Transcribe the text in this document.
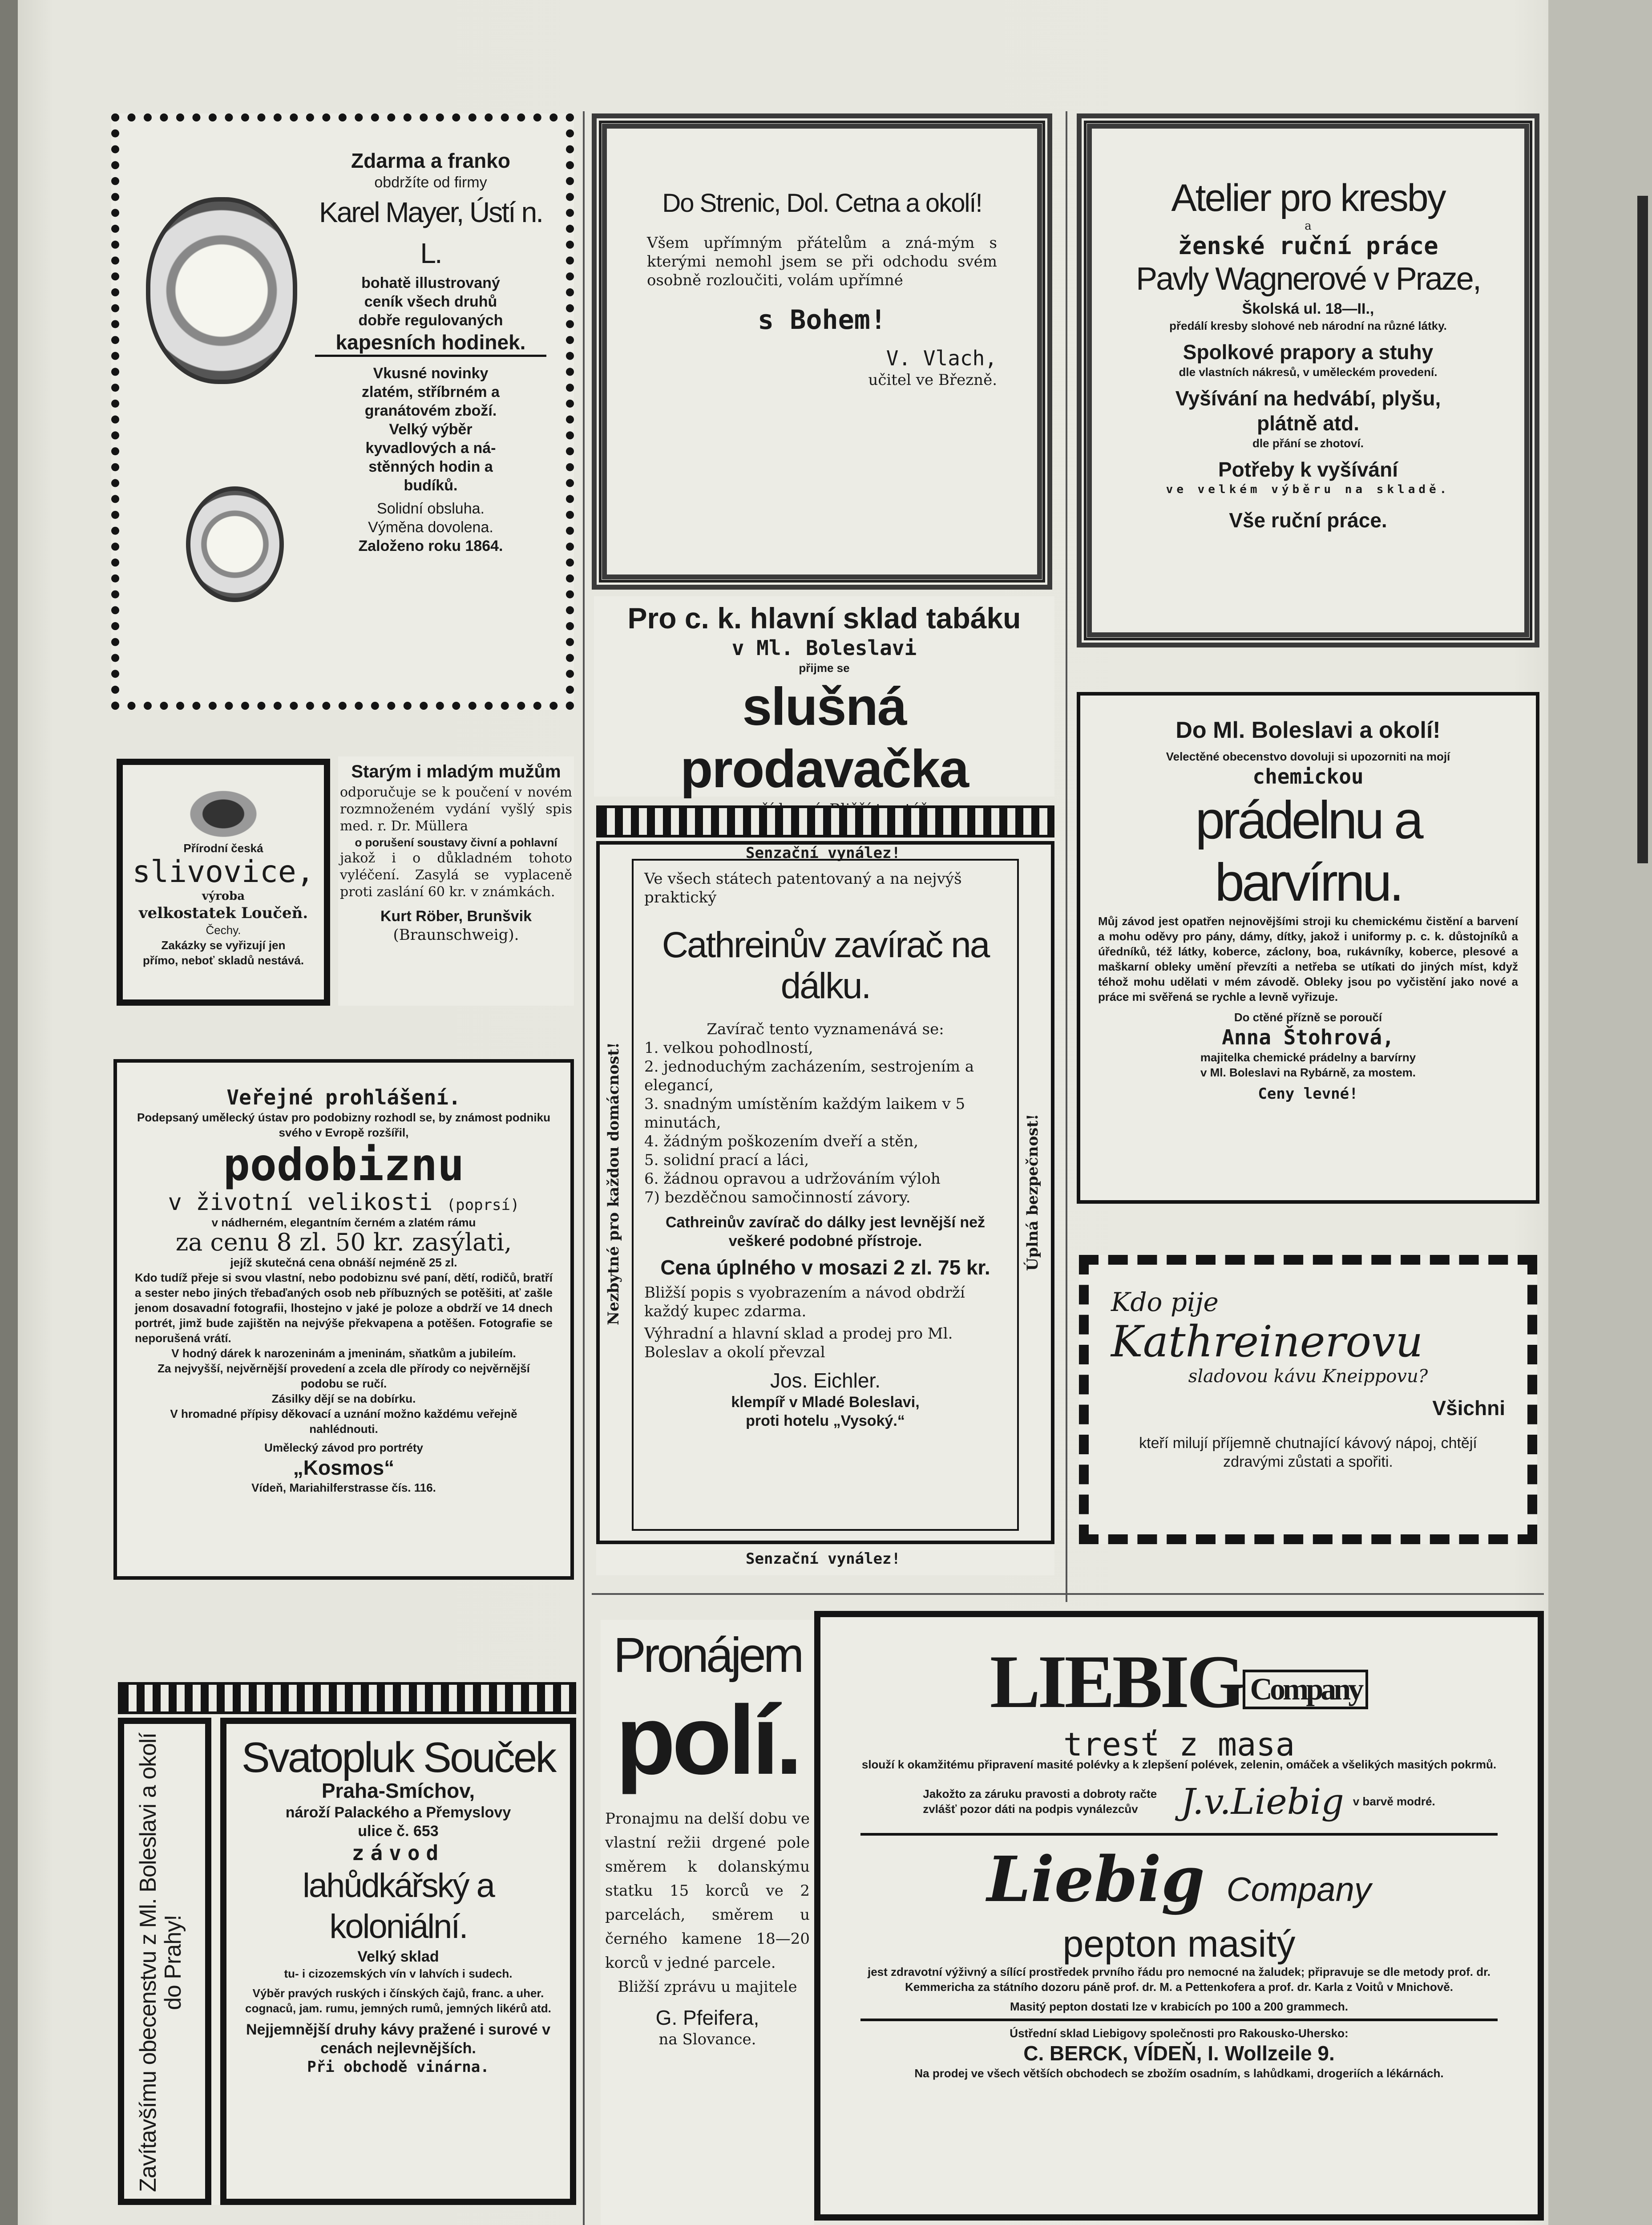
Zdarma a franko
obdržíte od firmy
Karel Mayer, Ústí n. L.
bohatě illustrovaný
ceník všech druhů
dobře regulovaných
kapesních hodinek.
Vkusné novinky
zlatém, stříbrném a
granátovém zboží.
Velký výběr
kyvadlových a ná-
stěnných hodin a
budíků.
Solidní obsluha.
Výměna dovolena.
Založeno roku 1864.
Do Strenic, Dol. Cetna a okolí!
Všem upřímným přátelům a zná-mým s kterými nemohl jsem se při odchodu svém osobně rozloučiti, volám upřímné
s Bohem!
V. Vlach,
učitel ve Březně.
Atelier pro kresby
a
ženské ruční práce
Pavly Wagnerové v Praze,
Školská ul. 18—II.,
předálí kresby slohové neb národní na různé látky.
Spolkové prapory a stuhy
dle vlastních nákresů, v uměleckém provedení.
Vyšívání na hedvábí, plyšu,
plátně atd.
dle přání se zhotoví.
Potřeby k vyšívání
ve velkém výběru na skladě.
Vše ruční práce.
Přírodní česká
slivovice,
výroba
velkostatek Loučeň.
Čechy.
Zakázky se vyřizují jen
přímo, neboť skladů nestává.
Starým i mladým mužům
odporučuje se k poučení v novém rozmnoženém vydání vyšlý spis med. r. Dr. Müllera
o porušení soustavy čivní a pohlavní
jakož i o důkladném tohoto vyléčení. Zasylá se vyplaceně proti zaslání 60 kr. v známkách.
Kurt Röber, Brunšvik
(Braunschweig).
Pro c. k. hlavní sklad tabáku
v Ml. Boleslavi
přijme se
slušná prodavačka
Senzační vynález!
Nezbytné pro každou domácnost!	Úplná bezpečnost!
Ve všech státech patentovaný a na nejvýš praktický
Cathreinův zavírač na dálku.
Zavírač tento vyznamenává se:
1. velkou pohodlností,
2. jednoduchým zacházením, sestrojením a elegancí,
3. snadným umístěním každým laikem v 5 minutách,
4. žádným poškozením dveří a stěn,
5. solidní prací a láci,
6. žádnou opravou a udržováním výloh
7) bezděčnou samočinností závory.
Cathreinův zavírač do dálky jest levnější než veškeré podobné přístroje.
Cena úplného v mosazi 2 zl. 75 kr.
Bližší popis s vyobrazením a návod obdrží každý kupec zdarma.
Výhradní a hlavní sklad a prodej pro Ml. Boleslav a okolí převzal
Jos. Eichler.
klempíř v Mladé Boleslavi,
proti hotelu „Vysoký.“
Senzační vynález!
Do Ml. Boleslavi a okolí!
Velectěné obecenstvo dovoluji si upozorniti na mojí
chemickou
prádelnu a barvírnu.
Můj závod jest opatřen nejnovějšími stroji ku chemickému čistění a barvení a mohu oděvy pro pány, dámy, dítky, jakož i uniformy p. c. k. důstojníků a úředníků, též látky, koberce, záclony, boa, rukávníky, koberce, plesové a maškarní obleky umění převzíti a netřeba se utíkati do jiných míst, když téhož mohu udělati v mém závodě. Obleky jsou po vyčistění jako nové a práce mi svěřená se rychle a levně vyřizuje.
Do ctěné přízně se poroučí
Anna Štohrová,
majitelka chemické prádelny a barvírny
v Ml. Boleslavi na Rybárně, za mostem.
Ceny levné!
Veřejné prohlášení.
Podepsaný umělecký ústav pro podobizny rozhodl se, by známost podniku svého v Evropě rozšířil,
podobiznu
v životní velikosti (poprsí)
v nádherném, elegantním černém a zlatém rámu
za cenu 8 zl. 50 kr. zasýlati,
jejíž skutečná cena obnáší nejméně 25 zl.
Kdo tudíž přeje si svou vlastní, nebo podobiznu své paní, dětí, rodičů, bratří a sester nebo jiných třebaďaných osob neb příbuzných se potěšiti, ať zašle jenom dosavadní fotografii, lhostejno v jaké je poloze a obdrží ve 14 dnech portrét, jimž bude zajištěn na nejvýše překvapena a potěšen. Fotografie se neporušená vrátí.
V hodný dárek k narozeninám a jmeninám, sňatkům a jubileím.
Za nejvyšší, nejvěrnější provedení a zcela dle přírody co nejvěrnější podobu se ručí.
Zásilky dějí se na dobírku.
V hromadné přípisy děkovací a uznání možno každému veřejně nahlédnouti.
Umělecký závod pro portréty
„Kosmos“
Vídeň, Mariahilferstrasse čís. 116.
Kdo pije
Kathreinerovu
sladovou kávu Kneippovu?
Všichni
kteří milují příjemně chutnající kávový nápoj, chtějí zdravými zůstati a spořiti.
Zavítavšímu obecenstvu z Ml. Boleslavi a okolí do Prahy!
Svatopluk Souček
Praha-Smíchov,
nároží Palackého a Přemyslovy
ulice č. 653
závod
lahůdkářský a koloniální.
Velký sklad
tu- i cizozemských vín v lahvích i sudech.
Výběr pravých ruských i čínských čajů, franc. a uher. cognaců, jam. rumu, jemných rumů, jemných likérů atd.
Nejjemnější druhy kávy pražené i surové v cenách nejlevnějších.
Při obchodě vinárna.
Pronájem
polí.
Pronajmu na delší dobu ve vlastní režii drgené pole směrem k dolanskýmu statku 15 korců ve 2 parcelách, směrem u černého kamene 18—20 korců v jedné parcele.
Bližší zprávu u majitele
G. Pfeifera,
na Slovance.
LIEBIG Company
tresť z masa
slouží k okamžitému připravení masité polévky a k zlepšení polévek, zelenin, omáček a všelikých masitých pokrmů.
Jakožto za záruku pravosti a dobroty račte zvlášť pozor dáti na podpis vynálezcův	J.v.Liebig v barvě modré.
Liebig Company
pepton masitý
jest zdravotní výživný a sílící prostředek prvního řádu pro nemocné na žaludek; připravuje se dle metody prof. dr. Kemmericha za státního dozoru páně prof. dr. M. a Pettenkofera a prof. dr. Karla z Voitů v Mnichově.
Masitý pepton dostati lze v krabicích po 100 a 200 grammech.
Ústřední sklad Liebigovy společnosti pro Rakousko-Uhersko:
C. BERCK, VÍDEŇ, I. Wollzeile 9.
Na prodej ve všech větších obchodech se zbožím osadním, s lahůdkami, drogeriích a lékárnách.
